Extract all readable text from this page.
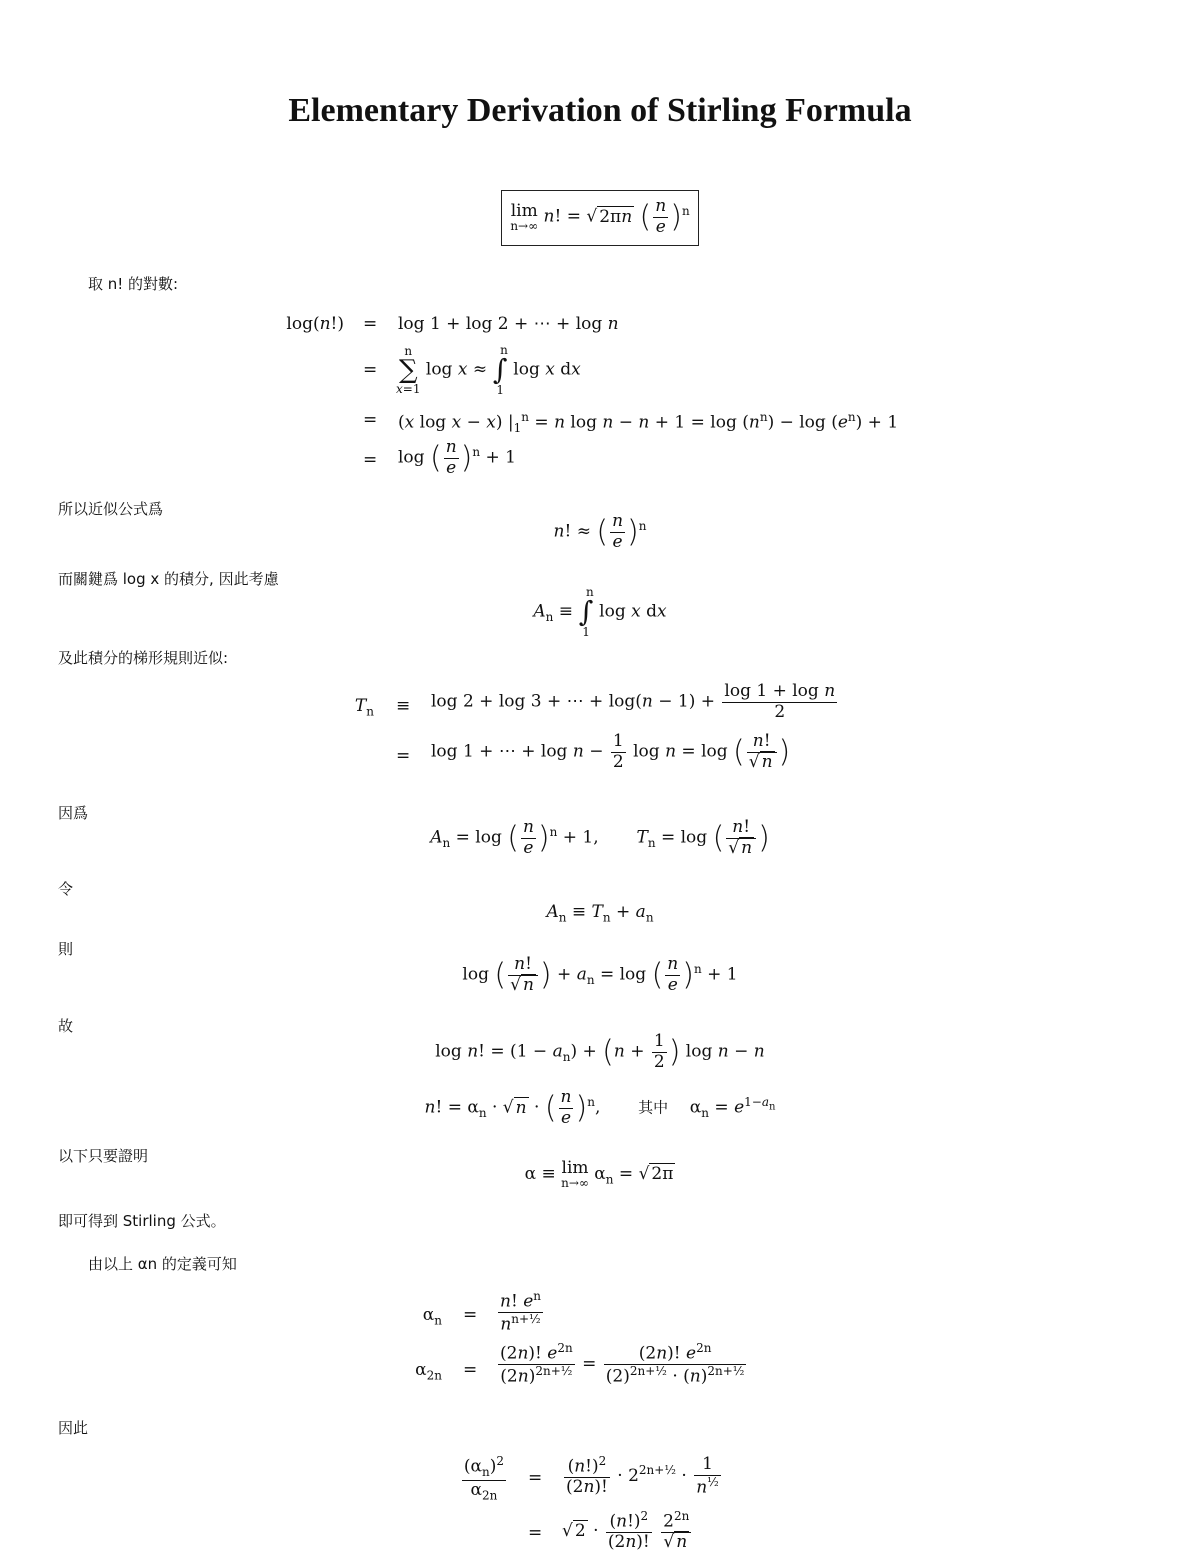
Elementary Derivation of Stirling Formula
lim
n→∞ n! = √ 2πn ( $\frac{n}{e} )^n$
取 n! 的對數:
log(n!) = log 1 + log 2 + ⋯ + log n
=
n
∑
x=1
log x ≈
n
∫
1
log x dx
= (x log x − x) $|_1^n = n$ $\log n - n + 1 = \log (n^n) - \log (e^n) + 1$
= log ( $\frac{n}{e} )^n + 1$
所以近似公式爲
n! ≈ ( $\frac{n}{e} )^n$
而關鍵爲 log x 的積分, 因此考慮
$A_n$ ≡
n
∫
1
log x dx
及此積分的梯形規則近似:
$T_n \equiv \log 2 + \log 3$ + ⋯ + $\log(n - 1) + \frac{\text{log 1 + log n}}{2}$
= log 1 + ⋯ + $\log n - \frac{1}{2}$ log n = log ( $\frac{n!}{√ n}$ )
因爲
$A_n = \log$ ( $\frac{n}{e} )^n + 1$,       $T_n = \log$ ( $\frac{n!}{√ n}$ )
令
$A_n \equiv T_n + a_n$
則
log ( $\frac{n!}{√ n}$ ) + $a_n = \log$ ( $\frac{n}{e} )^n + 1$
故
log n! = $(1 - a_n) + (n + \frac{1}{2}$ ) log n − n
n! = $\alpha_n$ · √ n · ( $\frac{n}{e} )^n$,       其中    $\alpha_n = e^{1-a_n}$
以下只要證明
α ≡ lim
n→∞ $\alpha_n$ = √ 2π
即可得到 Stirling 公式。
由以上 αn 的定義可知
$\alpha_n = \frac{n! e^n}{n^{n+\frac{1}{2}}}$
$\alpha_{2n} = \frac{(2n)! e^{2n}}{(2n)^{2n+\frac{1}{2}}} = \frac{(2n)! e^{2n}}{(2)^{2n+\frac{1}{2}} \cdot (n)^{2n+\frac{1}{2}}}$
因此
$\frac{(\alpha_n)^2}{\alpha_{2n}} = \frac{(n!)^2}{(2n)!} \cdot 2^{2n+\frac{1}{2}} \cdot \frac{1}{n^{\frac{1}{2}}}$
= √ $2 \cdot \frac{(n!)^2}{(2n)!}$
$\frac{2^{2n}}{√ n}$
